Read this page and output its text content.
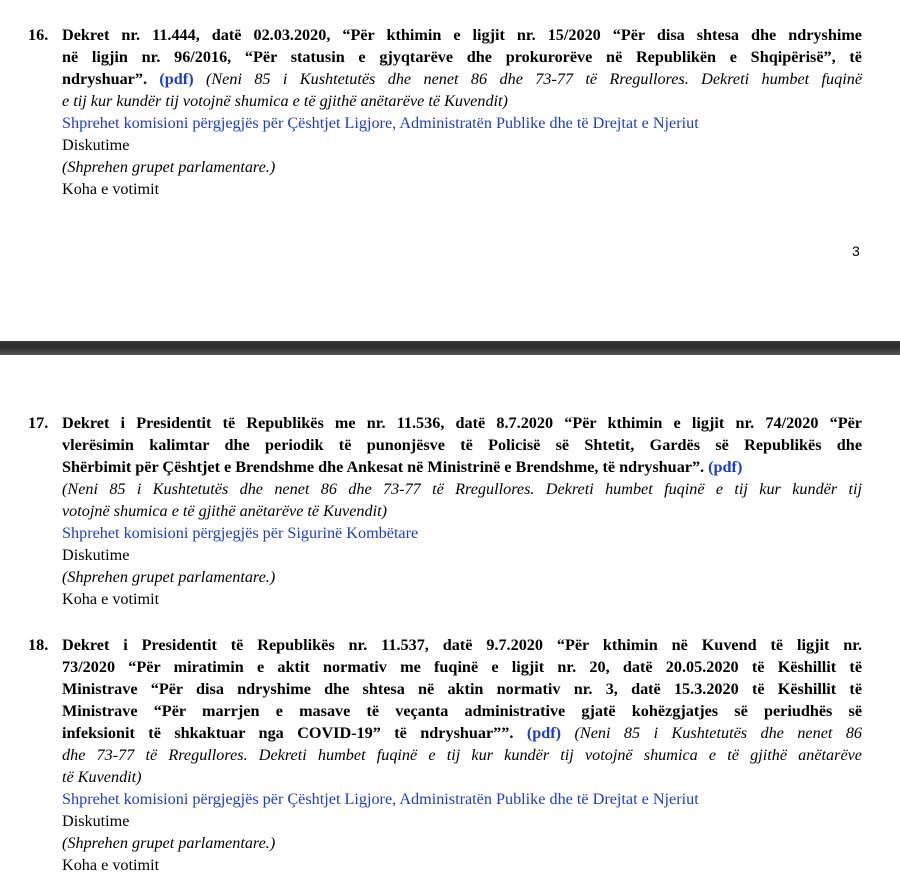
16. Dekret nr. 11.444, datë 02.03.2020, “Për kthimin e ligjit nr. 15/2020 “Për disa shtesa dhe ndryshime
në ligjin nr. 96/2016, “Për statusin e gjyqtarëve dhe prokurorëve në Republikën e Shqipërisë”, të
ndryshuar”. (pdf) (Neni 85 i Kushtetutës dhe nenet 86 dhe 73-77 të Rregullores. Dekreti humbet fuqinë
e tij kur kundër tij votojnë shumica e të gjithë anëtarëve të Kuvendit)
Shprehet komisioni përgjegjës për Çështjet Ligjore, Administratën Publike dhe të Drejtat e Njeriut
Diskutime
(Shprehen grupet parlamentare.)
Koha e votimit
3
17. Dekret i Presidentit të Republikës me nr. 11.536, datë 8.7.2020 “Për kthimin e ligjit nr. 74/2020 “Për
vlerësimin kalimtar dhe periodik të punonjësve të Policisë së Shtetit, Gardës së Republikës dhe
Shërbimit për Çështjet e Brendshme dhe Ankesat në Ministrinë e Brendshme, të ndryshuar”. (pdf)
(Neni 85 i Kushtetutës dhe nenet 86 dhe 73-77 të Rregullores. Dekreti humbet fuqinë e tij kur kundër tij
votojnë shumica e të gjithë anëtarëve të Kuvendit)
Shprehet komisioni përgjegjës për Sigurinë Kombëtare
Diskutime
(Shprehen grupet parlamentare.)
Koha e votimit
18. Dekret i Presidentit të Republikës nr. 11.537, datë 9.7.2020 “Për kthimin në Kuvend të ligjit nr.
73/2020 “Për miratimin e aktit normativ me fuqinë e ligjit nr. 20, datë 20.05.2020 të Këshillit të
Ministrave “Për disa ndryshime dhe shtesa në aktin normativ nr. 3, datë 15.3.2020 të Këshillit të
Ministrave “Për marrjen e masave të veçanta administrative gjatë kohëzgjatjes së periudhës së
infeksionit të shkaktuar nga COVID-19” të ndryshuar””. (pdf) (Neni 85 i Kushtetutës dhe nenet 86
dhe 73-77 të Rregullores. Dekreti humbet fuqinë e tij kur kundër tij votojnë shumica e të gjithë anëtarëve
të Kuvendit)
Shprehet komisioni përgjegjës për Çështjet Ligjore, Administratën Publike dhe të Drejtat e Njeriut
Diskutime
(Shprehen grupet parlamentare.)
Koha e votimit
